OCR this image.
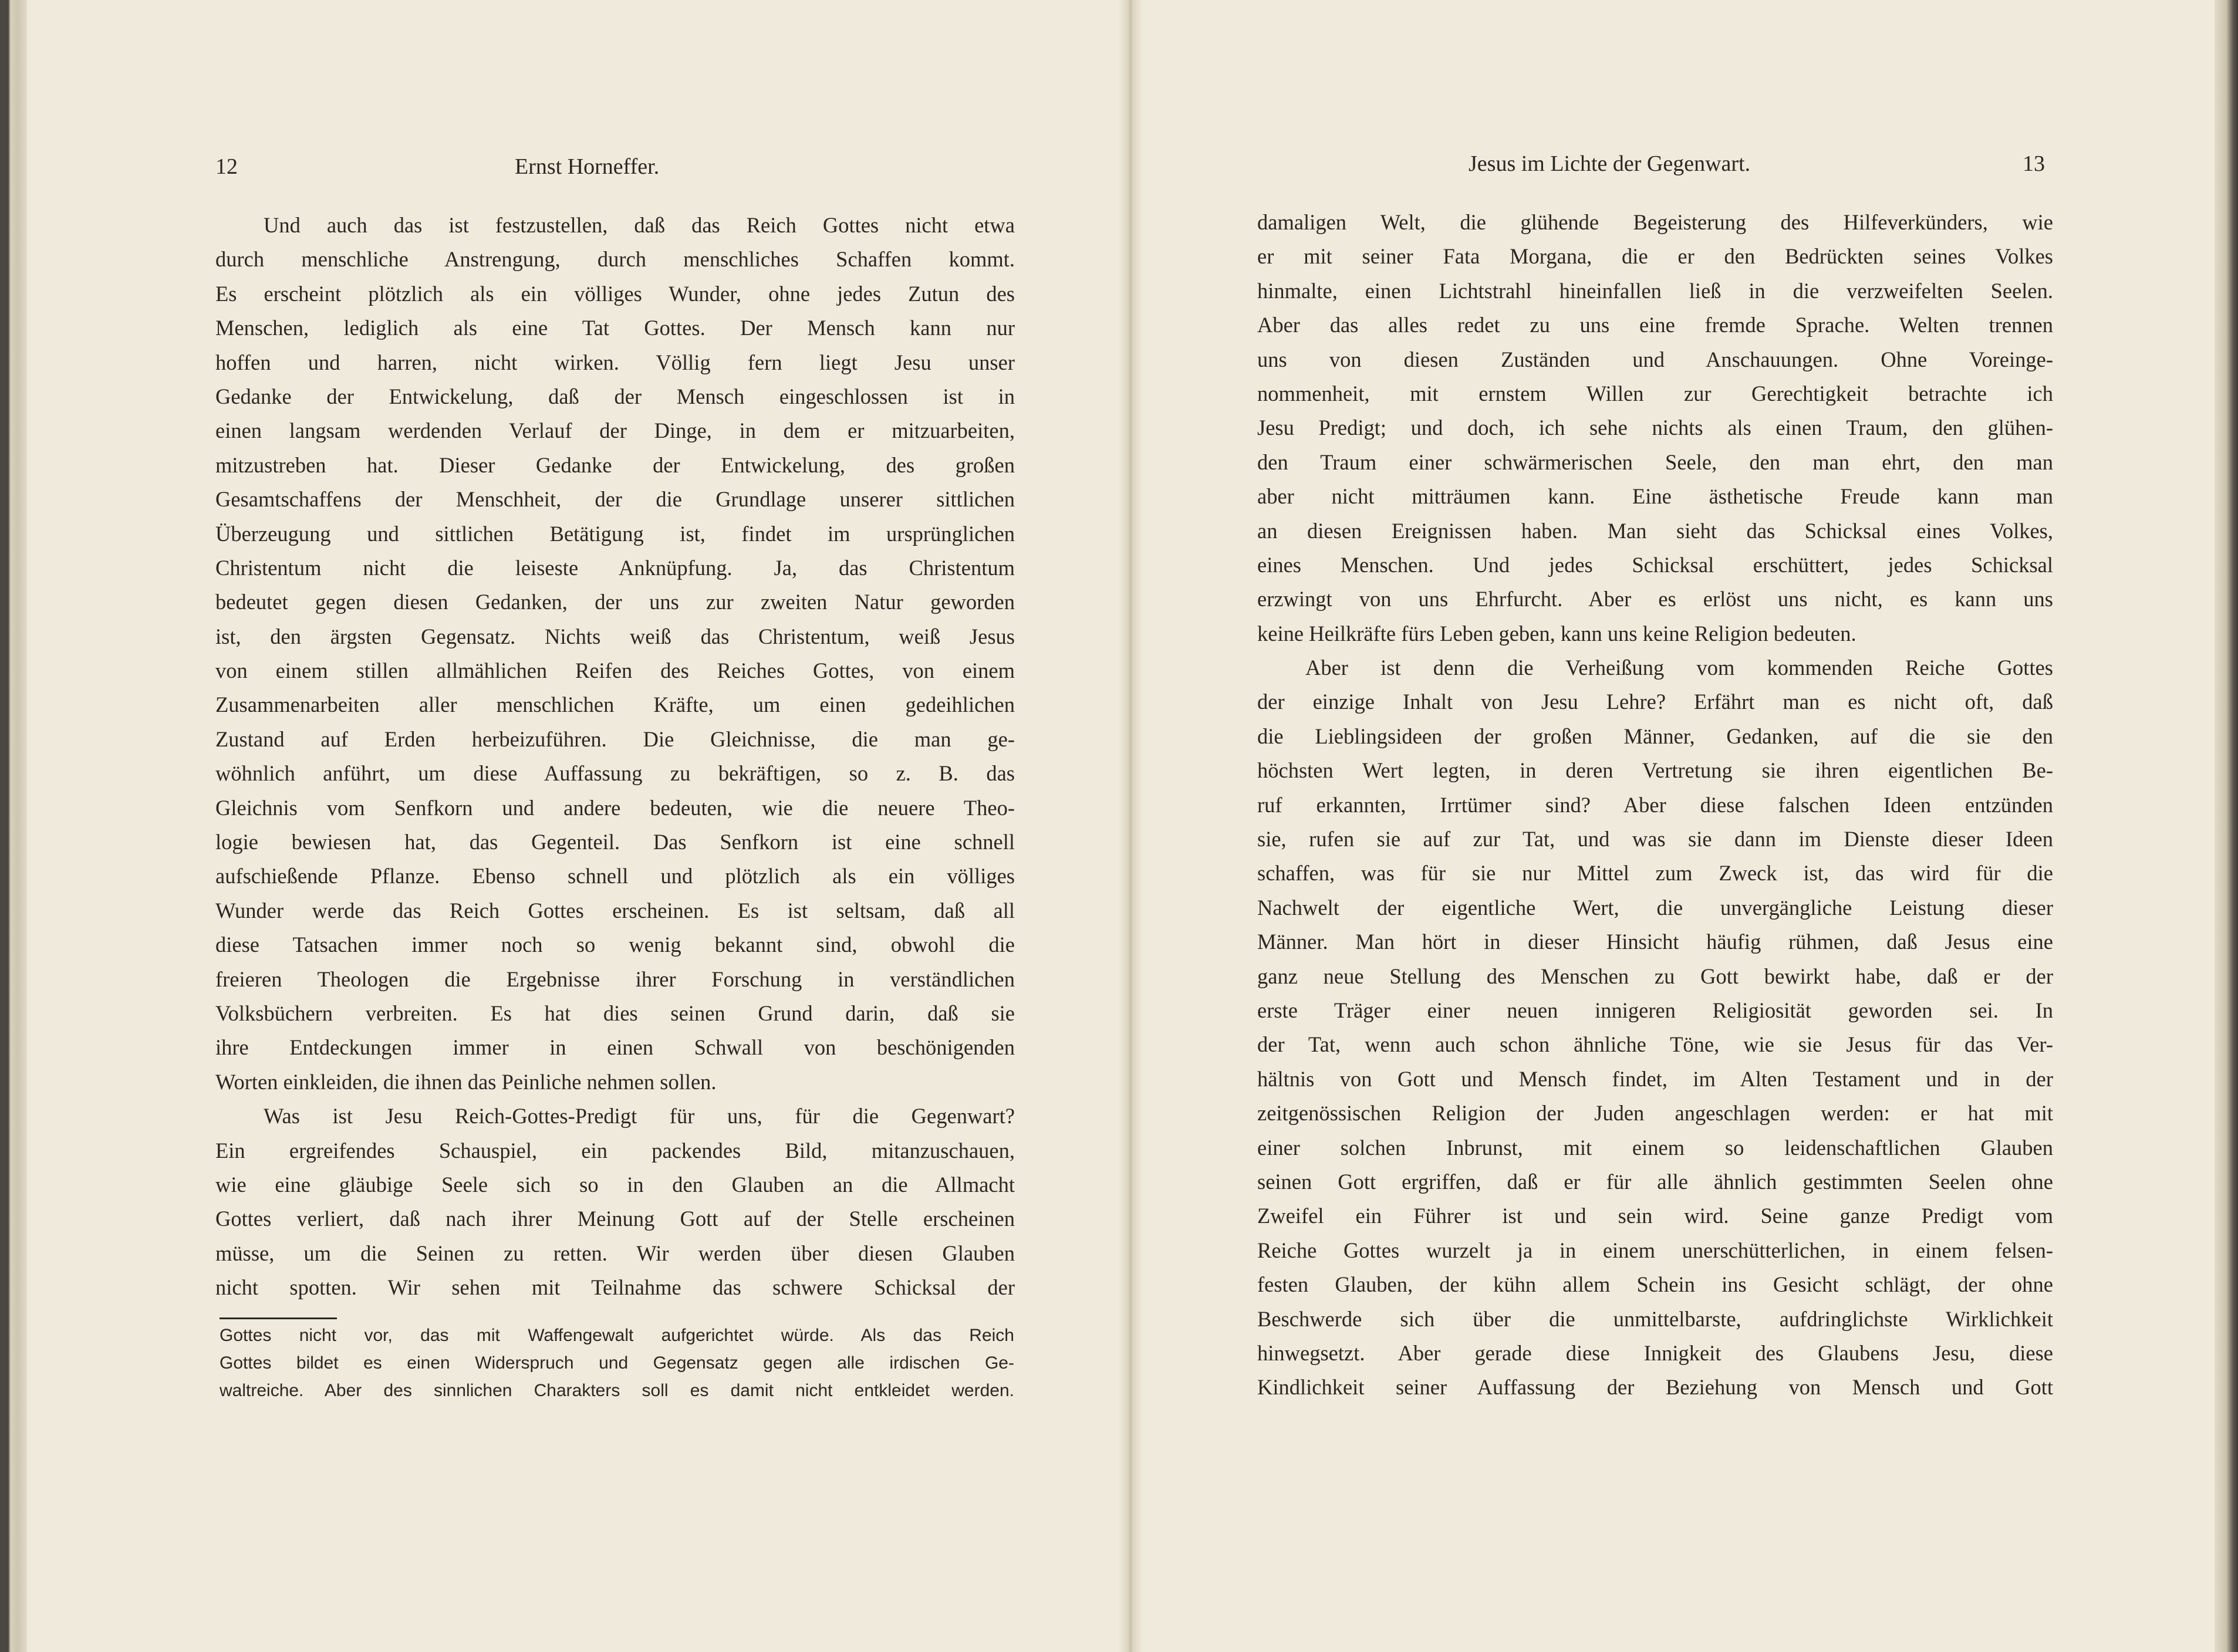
12	Ernst Horneffer.
Und auch das ist festzustellen, daß das Reich Gottes nicht etwa
durch menschliche Anstrengung, durch menschliches Schaffen kommt.
Es erscheint plötzlich als ein völliges Wunder, ohne jedes Zutun des
Menschen, lediglich als eine Tat Gottes. Der Mensch kann nur
hoffen und harren, nicht wirken. Völlig fern liegt Jesu unser
Gedanke der Entwickelung, daß der Mensch eingeschlossen ist in
einen langsam werdenden Verlauf der Dinge, in dem er mitzuarbeiten,
mitzustreben hat. Dieser Gedanke der Entwickelung, des großen
Gesamtschaffens der Menschheit, der die Grundlage unserer sittlichen
Überzeugung und sittlichen Betätigung ist, findet im ursprünglichen
Christentum nicht die leiseste Anknüpfung. Ja, das Christentum
bedeutet gegen diesen Gedanken, der uns zur zweiten Natur geworden
ist, den ärgsten Gegensatz. Nichts weiß das Christentum, weiß Jesus
von einem stillen allmählichen Reifen des Reiches Gottes, von einem
Zusammenarbeiten aller menschlichen Kräfte, um einen gedeihlichen
Zustand auf Erden herbeizuführen. Die Gleichnisse, die man ge-
wöhnlich anführt, um diese Auffassung zu bekräftigen, so z. B. das
Gleichnis vom Senfkorn und andere bedeuten, wie die neuere Theo-
logie bewiesen hat, das Gegenteil. Das Senfkorn ist eine schnell
aufschießende Pflanze. Ebenso schnell und plötzlich als ein völliges
Wunder werde das Reich Gottes erscheinen. Es ist seltsam, daß all
diese Tatsachen immer noch so wenig bekannt sind, obwohl die
freieren Theologen die Ergebnisse ihrer Forschung in verständlichen
Volksbüchern verbreiten. Es hat dies seinen Grund darin, daß sie
ihre Entdeckungen immer in einen Schwall von beschönigenden
Worten einkleiden, die ihnen das Peinliche nehmen sollen.
Was ist Jesu Reich-Gottes-Predigt für uns, für die Gegenwart?
Ein ergreifendes Schauspiel, ein packendes Bild, mitanzuschauen,
wie eine gläubige Seele sich so in den Glauben an die Allmacht
Gottes verliert, daß nach ihrer Meinung Gott auf der Stelle erscheinen
müsse, um die Seinen zu retten. Wir werden über diesen Glauben
nicht spotten. Wir sehen mit Teilnahme das schwere Schicksal der
Gottes nicht vor, das mit Waffengewalt aufgerichtet würde. Als das Reich
Gottes bildet es einen Widerspruch und Gegensatz gegen alle irdischen Ge-
waltreiche. Aber des sinnlichen Charakters soll es damit nicht entkleidet werden.
Jesus im Lichte der Gegenwart.	13
damaligen Welt, die glühende Begeisterung des Hilfeverkünders, wie
er mit seiner Fata Morgana, die er den Bedrückten seines Volkes
hinmalte, einen Lichtstrahl hineinfallen ließ in die verzweifelten Seelen.
Aber das alles redet zu uns eine fremde Sprache. Welten trennen
uns von diesen Zuständen und Anschauungen. Ohne Voreinge-
nommenheit, mit ernstem Willen zur Gerechtigkeit betrachte ich
Jesu Predigt; und doch, ich sehe nichts als einen Traum, den glühen-
den Traum einer schwärmerischen Seele, den man ehrt, den man
aber nicht mitträumen kann. Eine ästhetische Freude kann man
an diesen Ereignissen haben. Man sieht das Schicksal eines Volkes,
eines Menschen. Und jedes Schicksal erschüttert, jedes Schicksal
erzwingt von uns Ehrfurcht. Aber es erlöst uns nicht, es kann uns
keine Heilkräfte fürs Leben geben, kann uns keine Religion bedeuten.
Aber ist denn die Verheißung vom kommenden Reiche Gottes
der einzige Inhalt von Jesu Lehre? Erfährt man es nicht oft, daß
die Lieblingsideen der großen Männer, Gedanken, auf die sie den
höchsten Wert legten, in deren Vertretung sie ihren eigentlichen Be-
ruf erkannten, Irrtümer sind? Aber diese falschen Ideen entzünden
sie, rufen sie auf zur Tat, und was sie dann im Dienste dieser Ideen
schaffen, was für sie nur Mittel zum Zweck ist, das wird für die
Nachwelt der eigentliche Wert, die unvergängliche Leistung dieser
Männer. Man hört in dieser Hinsicht häufig rühmen, daß Jesus eine
ganz neue Stellung des Menschen zu Gott bewirkt habe, daß er der
erste Träger einer neuen innigeren Religiosität geworden sei. In
der Tat, wenn auch schon ähnliche Töne, wie sie Jesus für das Ver-
hältnis von Gott und Mensch findet, im Alten Testament und in der
zeitgenössischen Religion der Juden angeschlagen werden: er hat mit
einer solchen Inbrunst, mit einem so leidenschaftlichen Glauben
seinen Gott ergriffen, daß er für alle ähnlich gestimmten Seelen ohne
Zweifel ein Führer ist und sein wird. Seine ganze Predigt vom
Reiche Gottes wurzelt ja in einem unerschütterlichen, in einem felsen-
festen Glauben, der kühn allem Schein ins Gesicht schlägt, der ohne
Beschwerde sich über die unmittelbarste, aufdringlichste Wirklichkeit
hinwegsetzt. Aber gerade diese Innigkeit des Glaubens Jesu, diese
Kindlichkeit seiner Auffassung der Beziehung von Mensch und Gott
